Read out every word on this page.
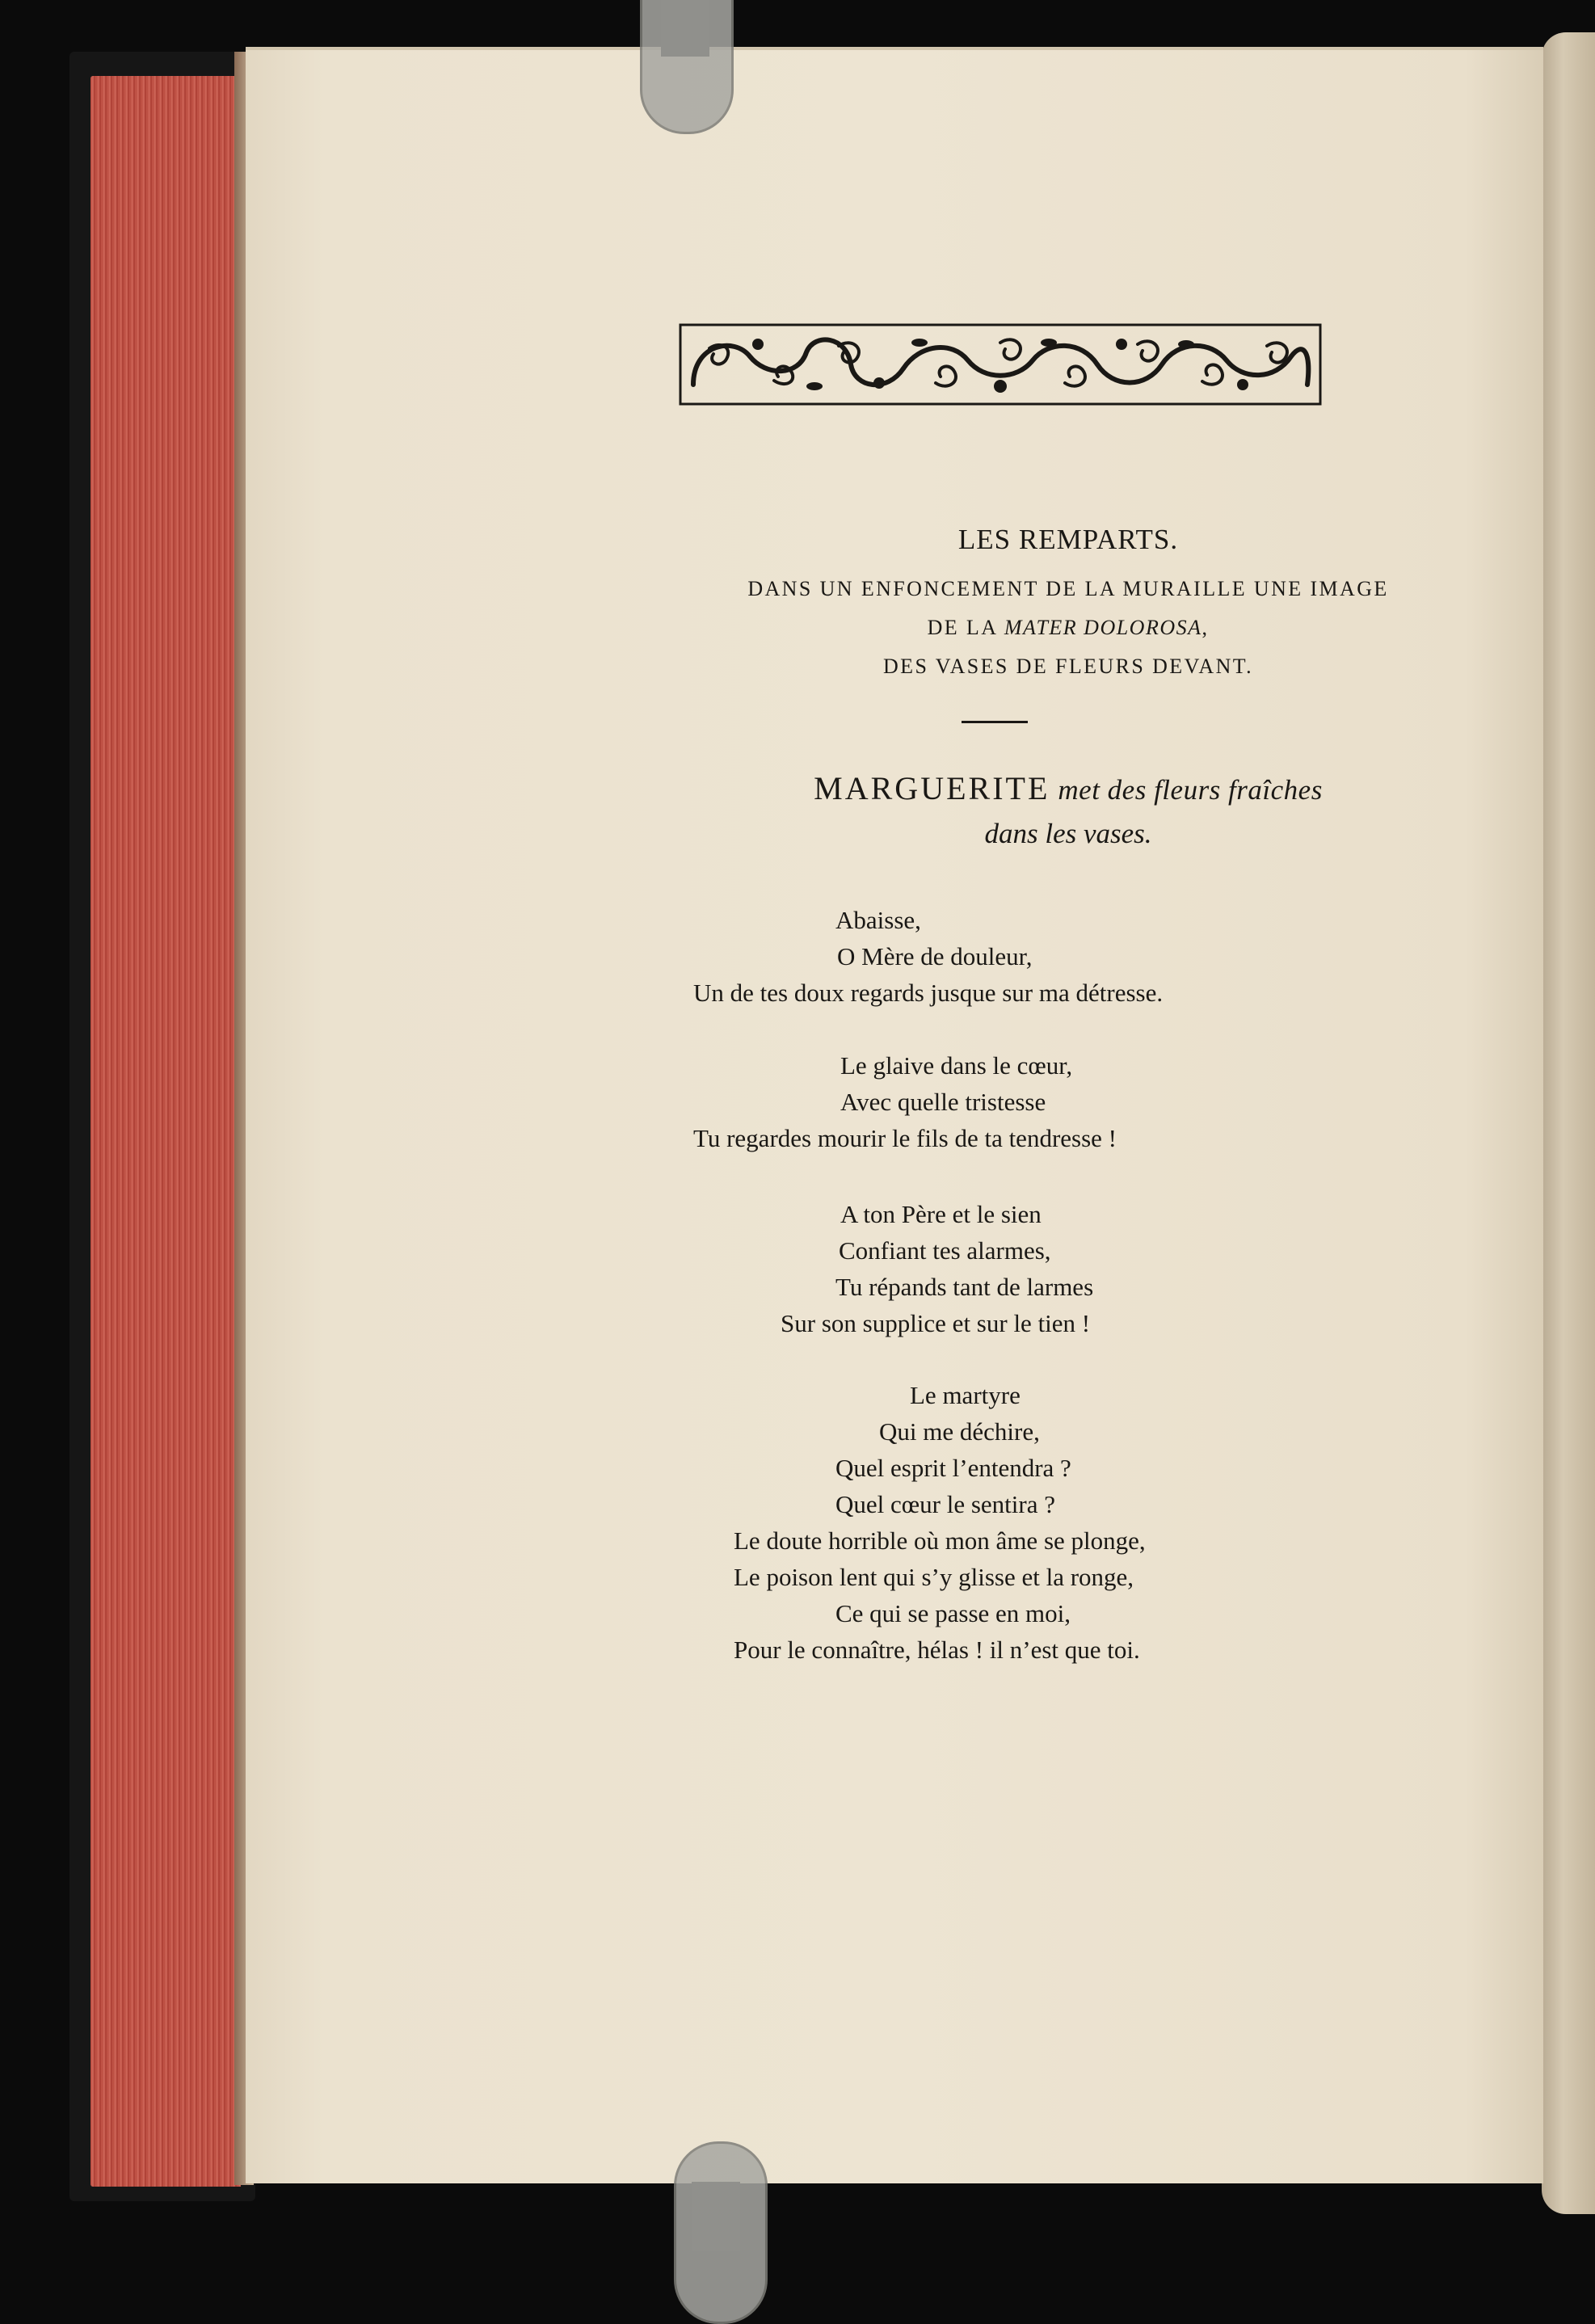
LES REMPARTS.
DANS UN ENFONCEMENT DE LA MURAILLE UNE IMAGE
DE LA MATER DOLOROSA,
DES VASES DE FLEURS DEVANT.
MARGUERITE met des fleurs fraîches
dans les vases.
Abaisse,
O Mère de douleur,
Un de tes doux regards jusque sur ma détresse.
Le glaive dans le cœur,
Avec quelle tristesse
Tu regardes mourir le fils de ta tendresse !
A ton Père et le sien
Confiant tes alarmes,
Tu répands tant de larmes
Sur son supplice et sur le tien !
Le martyre
Qui me déchire,
Quel esprit l’entendra ?
Quel cœur le sentira ?
Le doute horrible où mon âme se plonge,
Le poison lent qui s’y glisse et la ronge,
Ce qui se passe en moi,
Pour le connaître, hélas ! il n’est que toi.
